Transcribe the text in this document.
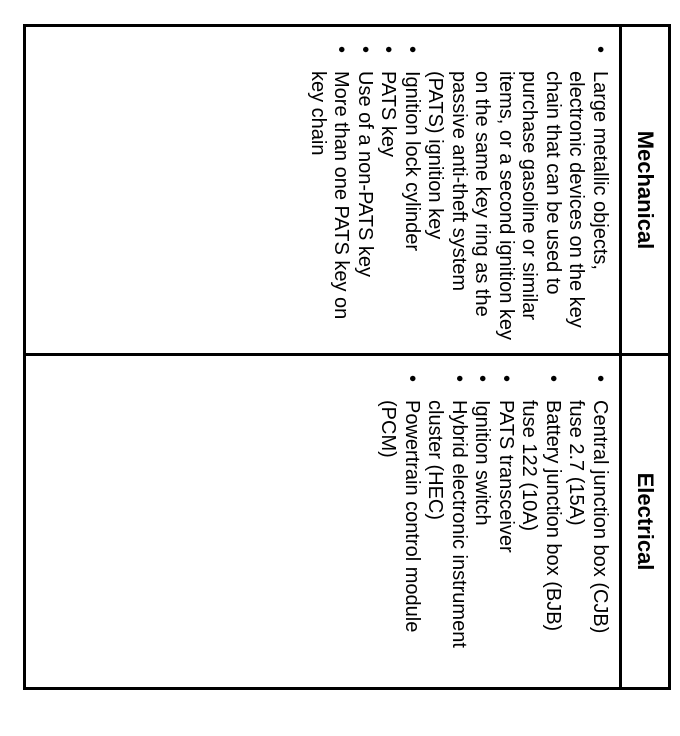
Mechanical
Electrical
•
Large metallic objects, electronic devices on the key chain that can be used to purchase gasoline or similar items, or a second ignition key on the same key ring as the passive anti-theft system (PATS) ignition key
•
Ignition lock cylinder
•
PATS key
•
Use of a non-PATS key
•
More than one PATS key on key chain
•
Central junction box (CJB) fuse 2.7 (15A)
•
Battery junction box (BJB) fuse 122 (10A)
•
PATS transceiver
•
Ignition switch
•
Hybrid electronic instrument cluster (HEC)
•
Powertrain control module (PCM)
